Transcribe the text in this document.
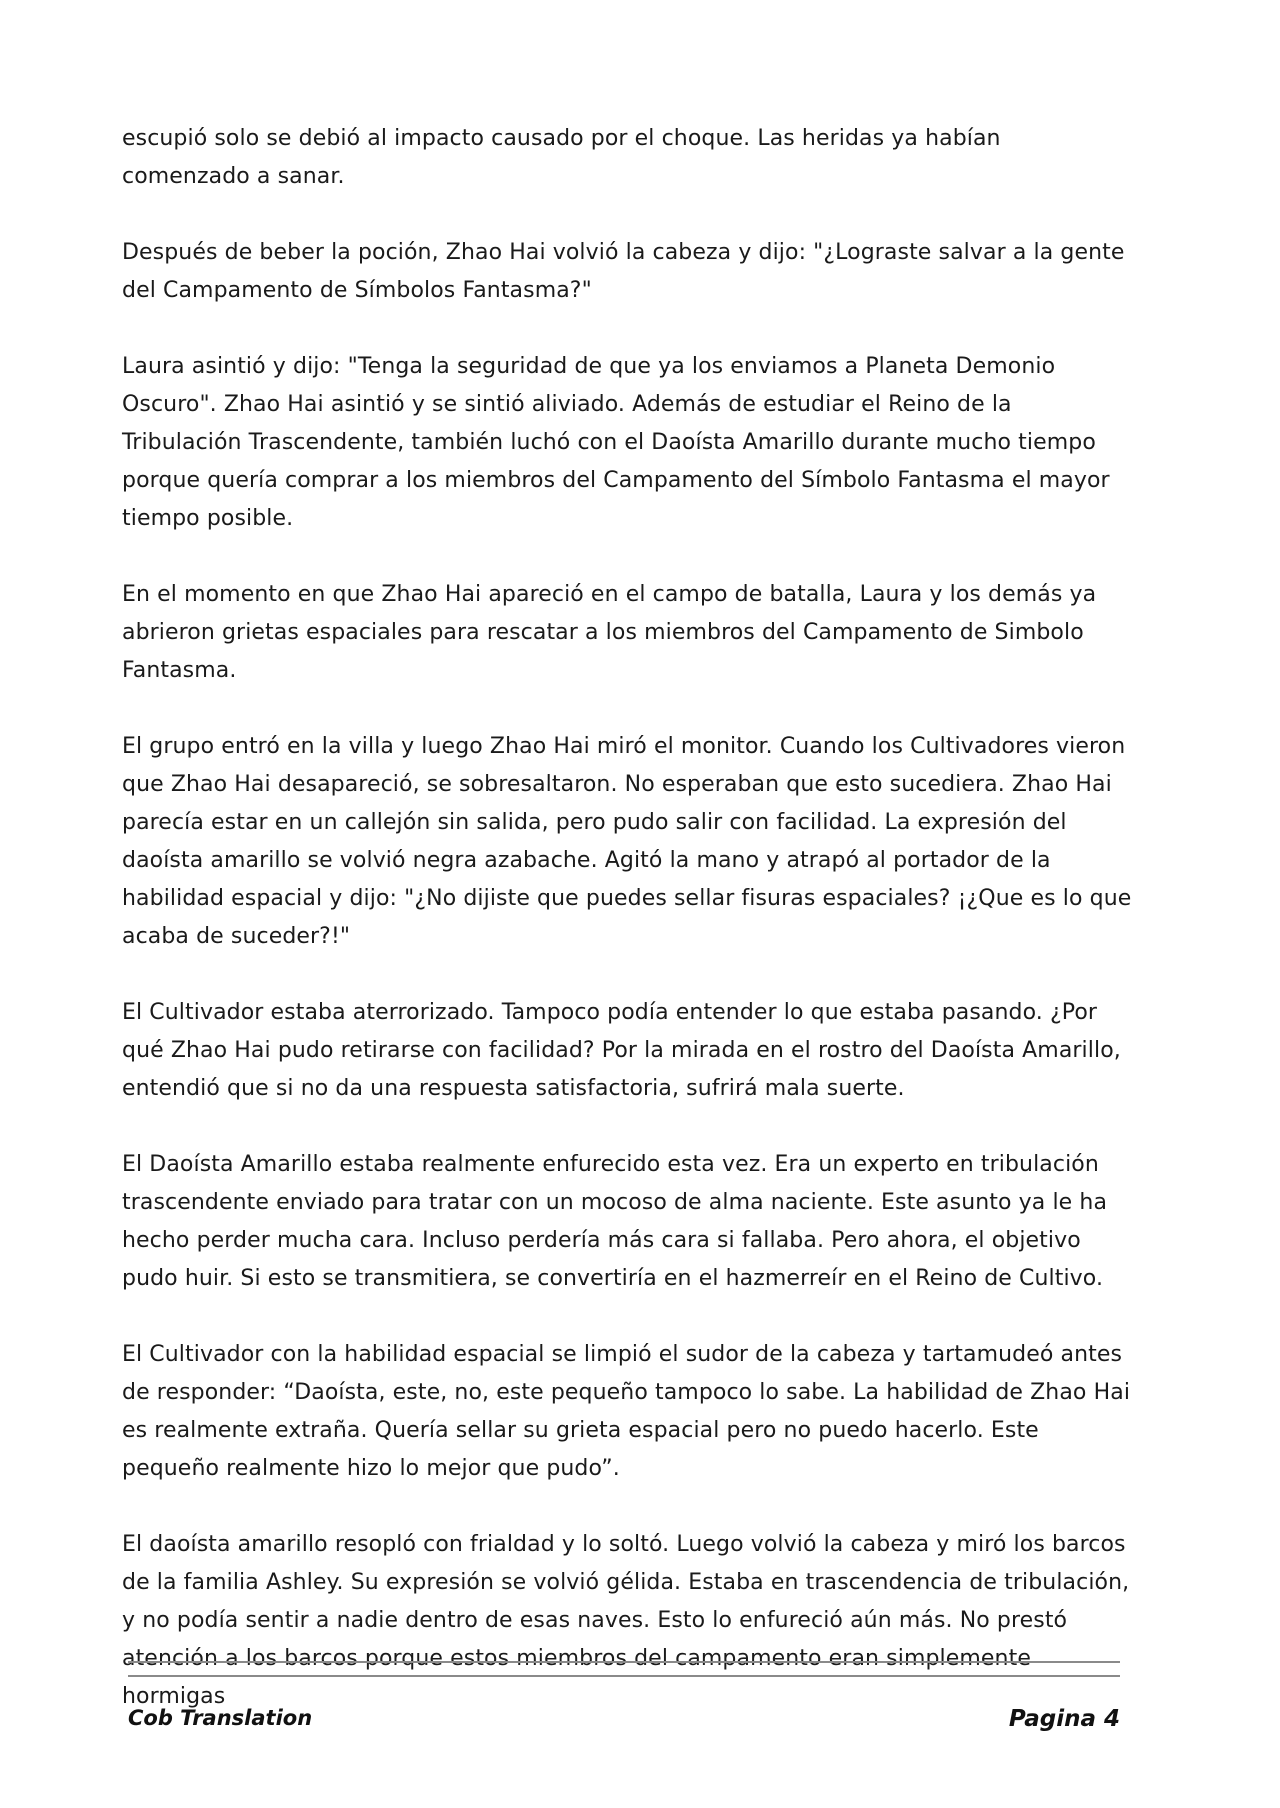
escupió solo se debió al impacto causado por el choque. Las heridas ya habían comenzado a sanar.

Después de beber la poción, Zhao Hai volvió la cabeza y dijo: "¿Lograste salvar a la gente del Campamento de Símbolos Fantasma?"

Laura asintió y dijo: "Tenga la seguridad de que ya los enviamos a Planeta Demonio Oscuro". Zhao Hai asintió y se sintió aliviado. Además de estudiar el Reino de la Tribulación Trascendente, también luchó con el Daoísta Amarillo durante mucho tiempo porque quería comprar a los miembros del Campamento del Símbolo Fantasma el mayor tiempo posible.

En el momento en que Zhao Hai apareció en el campo de batalla, Laura y los demás ya abrieron grietas espaciales para rescatar a los miembros del Campamento de Simbolo Fantasma.

El grupo entró en la villa y luego Zhao Hai miró el monitor. Cuando los Cultivadores vieron que Zhao Hai desapareció, se sobresaltaron. No esperaban que esto sucediera. Zhao Hai parecía estar en un callejón sin salida, pero pudo salir con facilidad. La expresión del daoísta amarillo se volvió negra azabache. Agitó la mano y atrapó al portador de la habilidad espacial y dijo: "¿No dijiste que puedes sellar fisuras espaciales? ¡¿Que es lo que acaba de suceder?!"

El Cultivador estaba aterrorizado. Tampoco podía entender lo que estaba pasando. ¿Por qué Zhao Hai pudo retirarse con facilidad? Por la mirada en el rostro del Daoísta Amarillo, entendió que si no da una respuesta satisfactoria, sufrirá mala suerte.

El Daoísta Amarillo estaba realmente enfurecido esta vez. Era un experto en tribulación trascendente enviado para tratar con un mocoso de alma naciente. Este asunto ya le ha hecho perder mucha cara. Incluso perdería más cara si fallaba. Pero ahora, el objetivo pudo huir. Si esto se transmitiera, se convertiría en el hazmerreír en el Reino de Cultivo.

El Cultivador con la habilidad espacial se limpió el sudor de la cabeza y tartamudeó antes de responder: “Daoísta, este, no, este pequeño tampoco lo sabe. La habilidad de Zhao Hai es realmente extraña. Quería sellar su grieta espacial pero no puedo hacerlo. Este pequeño realmente hizo lo mejor que pudo”.

El daoísta amarillo resopló con frialdad y lo soltó. Luego volvió la cabeza y miró los barcos de la familia Ashley. Su expresión se volvió gélida. Estaba en trascendencia de tribulación, y no podía sentir a nadie dentro de esas naves. Esto lo enfureció aún más. No prestó atención a los barcos porque estos miembros del campamento eran simplemente hormigas

Cob Translation	Pagina 4
